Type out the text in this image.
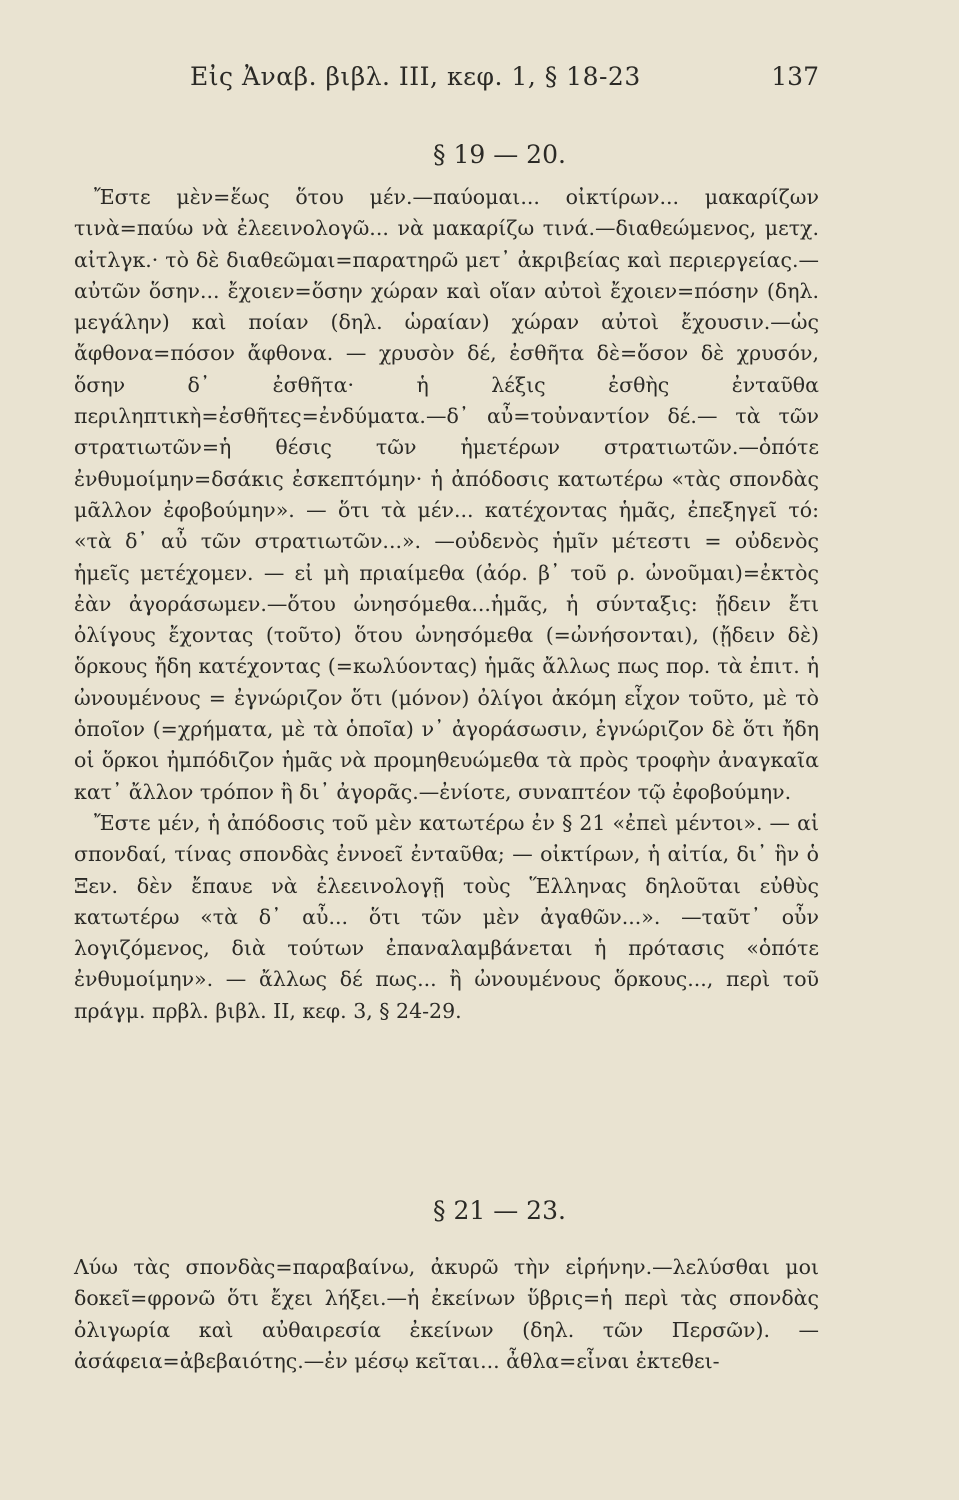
Εἰς Ἀναβ. βιβλ. III, κεφ. 1, § 18-23	137
§ 19 — 20.

Ἔστε μὲν=ἕως ὅτου μέν.—παύομαι... οἰκτίρων... μακαρίζων τινὰ=παύω νὰ ἐλεεινολογῶ... νὰ μακαρίζω τινά.—διαθεώμενος, μετχ. αἰτλγκ.· τὸ δὲ διαθεῶμαι=παρατηρῶ μετ᾽ ἀκριβείας καὶ περιεργείας.—αὐτῶν ὅσην... ἔχοιεν=ὅσην χώραν καὶ οἵαν αὐτοὶ ἔχοιεν=πόσην (δηλ. μεγάλην) καὶ ποίαν (δηλ. ὡραίαν) χώραν αὐτοὶ ἔχουσιν.—ὡς ἄφθονα=πόσον ἄφθονα. — χρυσὸν δέ, ἐσθῆτα δὲ=ὅσον δὲ χρυσόν, ὅσην δ᾽ ἐσθῆτα· ἡ λέξις ἐσθὴς ἐνταῦθα περιληπτικὴ=ἐσθῆτες=ἐνδύματα.—δ᾽ αὖ=τοὐναντίον δέ.— τὰ τῶν στρατιωτῶν=ἡ θέσις τῶν ἡμετέρων στρατιωτῶν.—ὁπότε ἐνθυμοίμην=δσάκις ἐσκεπτόμην· ἡ ἀπόδοσις κατωτέρω «τὰς σπονδὰς μᾶλλον ἐφοβούμην». — ὅτι τὰ μέν... κατέχοντας ἡμᾶς, ἐπεξηγεῖ τό: «τὰ δ᾽ αὖ τῶν στρατιωτῶν...». —οὐδενὸς ἡμῖν μέτεστι = οὐδενὸς ἡμεῖς μετέχομεν. — εἰ μὴ πριαίμεθα (ἀόρ. β᾽ τοῦ ρ. ὠνοῦμαι)=ἐκτὸς ἐὰν ἀγοράσωμεν.—ὅτου ὠνησόμεθα...ἡμᾶς, ἡ σύνταξις: ᾔδειν ἔτι ὀλίγους ἔχοντας (τοῦτο) ὅτου ὠνησόμεθα (=ὠνήσονται), (ᾔδειν δὲ) ὅρκους ἤδη κατέχοντας (=κωλύοντας) ἡμᾶς ἄλλως πως πορ. τὰ ἐπιτ. ἡ ὠνουμένους = ἐγνώριζον ὅτι (μόνον) ὀλίγοι ἀκόμη εἶχον τοῦτο, μὲ τὸ ὁποῖον (=χρήματα, μὲ τὰ ὁποῖα) ν᾽ ἀγοράσωσιν, ἐγνώριζον δὲ ὅτι ἤδη οἱ ὅρκοι ἠμπόδιζον ἡμᾶς νὰ προμηθευώμεθα τὰ πρὸς τροφὴν ἀναγκαῖα κατ᾽ ἄλλον τρόπον ἢ δι᾽ ἀγορᾶς.—ἐνίοτε, συναπτέον τῷ ἐφοβούμην.

Ἔστε μέν, ἡ ἀπόδοσις τοῦ μὲν κατωτέρω ἐν § 21 «ἐπεὶ μέντοι». — αἱ σπονδαί, τίνας σπονδὰς ἐννοεῖ ἐνταῦθα; — οἰκτίρων, ἡ αἰτία, δι᾽ ἣν ὁ Ξεν. δὲν ἔπαυε νὰ ἐλεεινολογῇ τοὺς Ἕλληνας δηλοῦται εὐθὺς κατωτέρω «τὰ δ᾽ αὖ... ὅτι τῶν μὲν ἀγαθῶν...». —ταῦτ᾽ οὖν λογιζόμενος, διὰ τούτων ἐπαναλαμβάνεται ἡ πρότασις «ὁπότε ἐνθυμοίμην». — ἄλλως δέ πως... ἢ ὠνουμένους ὅρκους..., περὶ τοῦ πράγμ. πρβλ. βιβλ. II, κεφ. 3, § 24-29.

§ 21 — 23.

Λύω τὰς σπονδὰς=παραβαίνω, ἀκυρῶ τὴν εἰρήνην.—λελύσθαι μοι δοκεῖ=φρονῶ ὅτι ἔχει λήξει.—ἡ ἐκείνων ὕβρις=ἡ περὶ τὰς σπονδὰς ὀλιγωρία καὶ αὐθαιρεσία ἐκείνων (δηλ. τῶν Περσῶν). — ἀσάφεια=ἀβεβαιότης.—ἐν μέσῳ κεῖται... ἆθλα=εἶναι ἐκτεθει-
